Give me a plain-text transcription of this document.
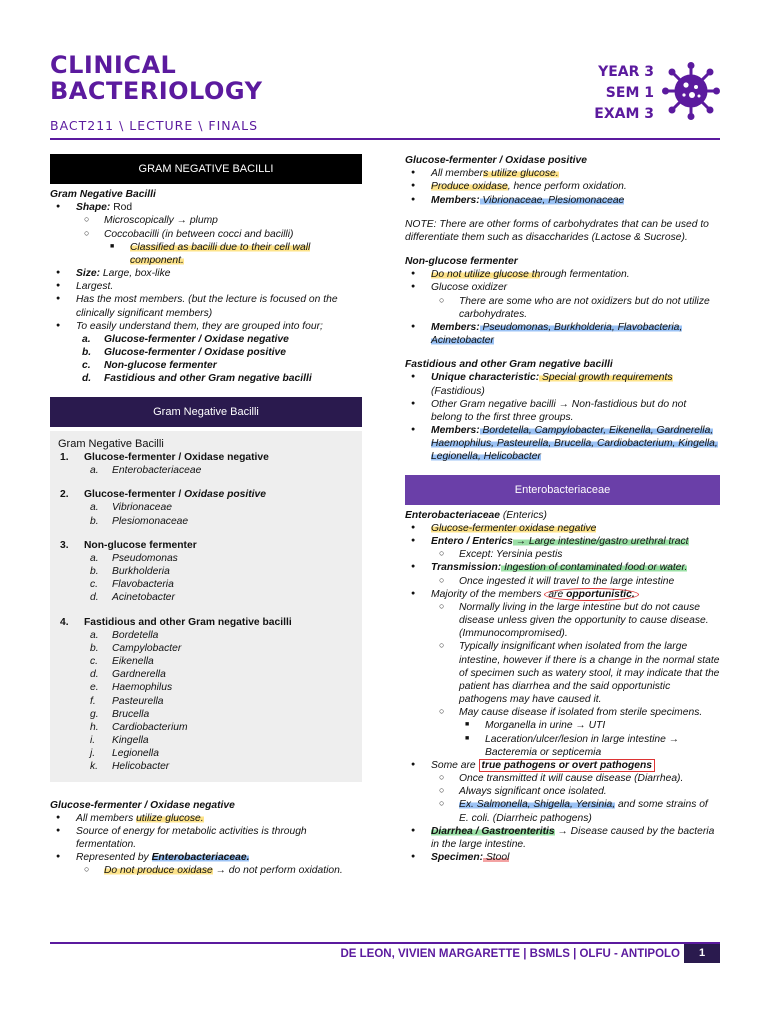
CLINICAL
BACTERIOLOGY
BACT211 \ LECTURE \ FINALS
YEAR 3
SEM 1
EXAM 3
GRAM NEGATIVE BACILLI
Gram Negative Bacilli
● Shape: Rod
○ Microscopically → plump
○ Coccobacilli (in between cocci and bacilli)
■ Classified as bacilli due to their cell wall component.
● Size: Large, box-like
● Largest.
● Has the most members. (but the lecture is focused on the clinically significant members)
● To easily understand them, they are grouped into four;
a. Glucose-fermenter / Oxidase negative
b. Glucose-fermenter / Oxidase positive
c. Non-glucose fermenter
d. Fastidious and other Gram negative bacilli
Gram Negative Bacilli
Gram Negative Bacilli
1. Glucose-fermenter / Oxidase negative
a. Enterobacteriaceae
2. Glucose-fermenter / Oxidase positive
a. Vibrionaceae
b. Plesiomonaceae
3. Non-glucose fermenter
a. Pseudomonas
b. Burkholderia
c. Flavobacteria
d. Acinetobacter
4. Fastidious and other Gram negative bacilli
a. Bordetella
b. Campylobacter
c. Eikenella
d. Gardnerella
e. Haemophilus
f. Pasteurella
g. Brucella
h. Cardiobacterium
i. Kingella
j. Legionella
k. Helicobacter
Glucose-fermenter / Oxidase negative
● All members utilize glucose.
● Source of energy for metabolic activities is through fermentation.
● Represented by Enterobacteriaceae.
○ Do not produce oxidase → do not perform oxidation.
Glucose-fermenter / Oxidase positive
● All members utilize glucose.
● Produce oxidase, hence perform oxidation.
● Members: Vibrionaceae, Plesiomonaceae
NOTE: There are other forms of carbohydrates that can be used to differentiate them such as disaccharides (Lactose & Sucrose).
Non-glucose fermenter
● Do not utilize glucose through fermentation.
● Glucose oxidizer
○ There are some who are not oxidizers but do not utilize carbohydrates.
● Members: Pseudomonas, Burkholderia, Flavobacteria, Acinetobacter
Fastidious and other Gram negative bacilli
● Unique characteristic: Special growth requirements (Fastidious)
● Other Gram negative bacilli → Non-fastidious but do not belong to the first three groups.
● Members: Bordetella, Campylobacter, Eikenella, Gardnerella, Haemophilus, Pasteurella, Brucella, Cardiobacterium, Kingella, Legionella, Helicobacter
Enterobacteriaceae
Enterobacteriaceae (Enterics)
● Glucose-fermenter oxidase negative
● Entero / Enterics → Large intestine/gastro urethral tract
○ Except: Yersinia pestis
● Transmission: Ingestion of contaminated food or water.
○ Once ingested it will travel to the large intestine
● Majority of the members are opportunistic.
○ Normally living in the large intestine but do not cause disease unless given the opportunity to cause disease. (Immunocompromised).
○ Typically insignificant when isolated from the large intestine, however if there is a change in the normal state of specimen such as watery stool, it may indicate that the patient has diarrhea and the said opportunistic pathogens may have caused it.
○ May cause disease if isolated from sterile specimens.
■ Morganella in urine → UTI
■ Laceration/ulcer/lesion in large intestine → Bacteremia or septicemia
● Some are true pathogens or overt pathogens
○ Once transmitted it will cause disease (Diarrhea).
○ Always significant once isolated.
○ Ex. Salmonella, Shigella, Yersinia, and some strains of E. coli. (Diarrheic pathogens)
● Diarrhea / Gastroenteritis → Disease caused by the bacteria in the large intestine.
● Specimen: Stool
DE LEON, VIVIEN MARGARETTE | BSMLS | OLFU - ANTIPOLO	1
